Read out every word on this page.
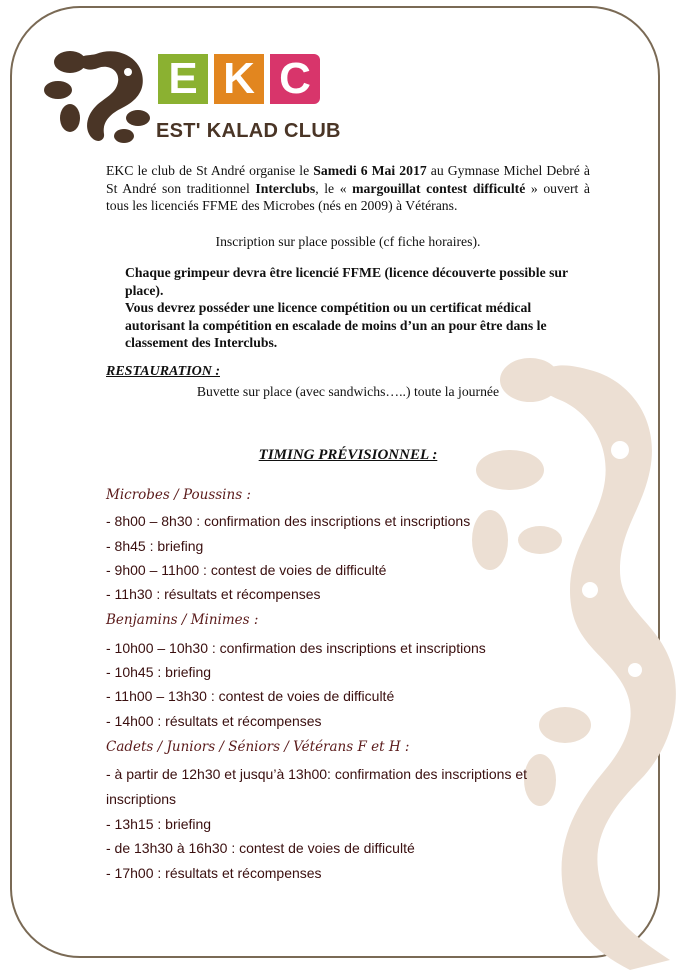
E K C
EST' KALAD CLUB
EKC le club de St André organise le Samedi 6 Mai 2017 au Gymnase Michel Debré à St André son traditionnel Interclubs, le « margouillat contest difficulté » ouvert à tous les licenciés FFME des Microbes (nés en 2009) à Vétérans.
Inscription sur place possible (cf fiche horaires).

Chaque grimpeur devra être licencié FFME (licence découverte possible sur place).

Vous devrez posséder une licence compétition ou un certificat médical autorisant la compétition en escalade de moins d’un an pour être dans le classement des Interclubs.

RESTAURATION :
Buvette sur place (avec sandwichs…..) toute la journée
TIMING PRÉVISIONNEL :
Microbes / Poussins :
- 8h00 – 8h30 : confirmation des inscriptions et inscriptions
- 8h45 : briefing
- 9h00 – 11h00 : contest de voies de difficulté
- 11h30 : résultats et récompenses
Benjamins / Minimes :
- 10h00 – 10h30 : confirmation des inscriptions et inscriptions
- 10h45 : briefing
- 11h00 – 13h30 : contest de voies de difficulté
- 14h00 : résultats et récompenses
Cadets / Juniors / Séniors / Vétérans F et H :
- à partir de 12h30 et jusqu’à 13h00: confirmation des inscriptions et inscriptions
- 13h15 : briefing
- de 13h30 à 16h30 : contest de voies de difficulté
- 17h00 : résultats et récompenses
